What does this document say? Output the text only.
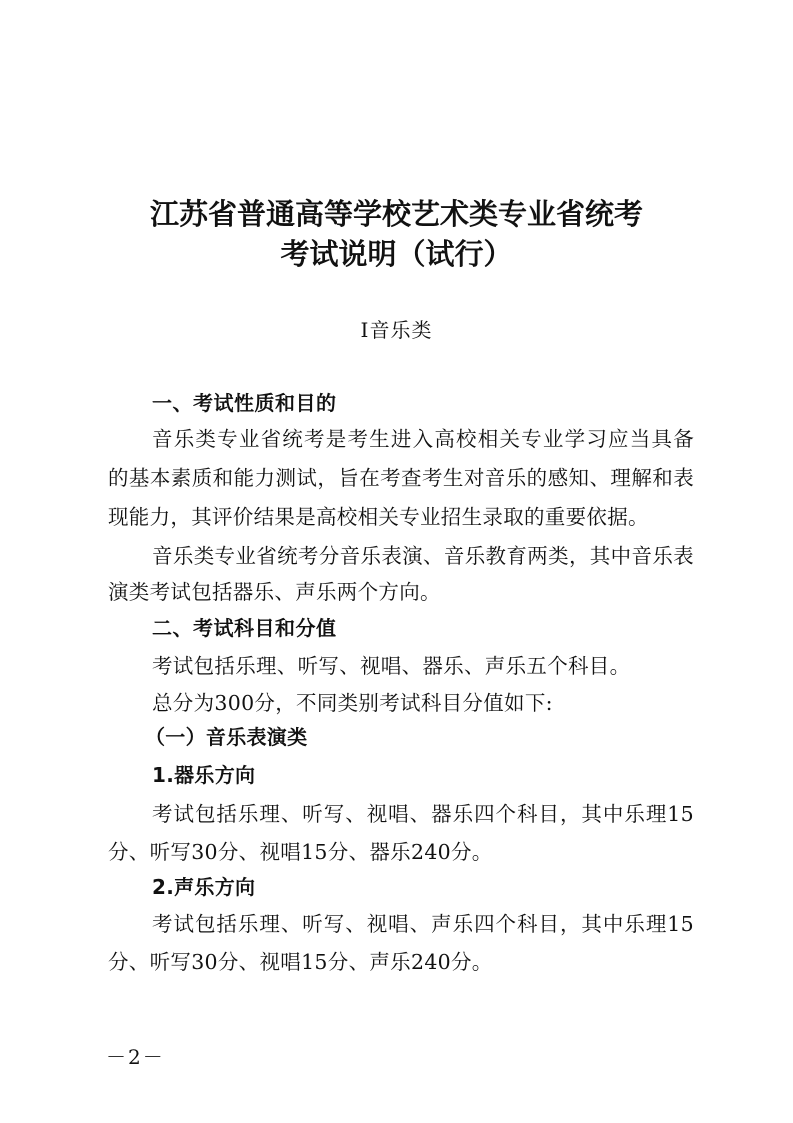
江苏省普通高等学校艺术类专业省统考
考试说明（试行）
Ⅰ音乐类
一、考试性质和目的
音乐类专业省统考是考生进入高校相关专业学习应当具备
的基本素质和能力测试，旨在考查考生对音乐的感知、理解和表
现能力，其评价结果是高校相关专业招生录取的重要依据。
音乐类专业省统考分音乐表演、音乐教育两类，其中音乐表
演类考试包括器乐、声乐两个方向。
二、考试科目和分值
考试包括乐理、听写、视唱、器乐、声乐五个科目。
总分为300分，不同类别考试科目分值如下:
（一）音乐表演类
1.器乐方向
考试包括乐理、听写、视唱、器乐四个科目，其中乐理15
分、听写30分、视唱15分、器乐240分。
2.声乐方向
考试包括乐理、听写、视唱、声乐四个科目，其中乐理15
分、听写30分、视唱15分、声乐240分。
－2－
